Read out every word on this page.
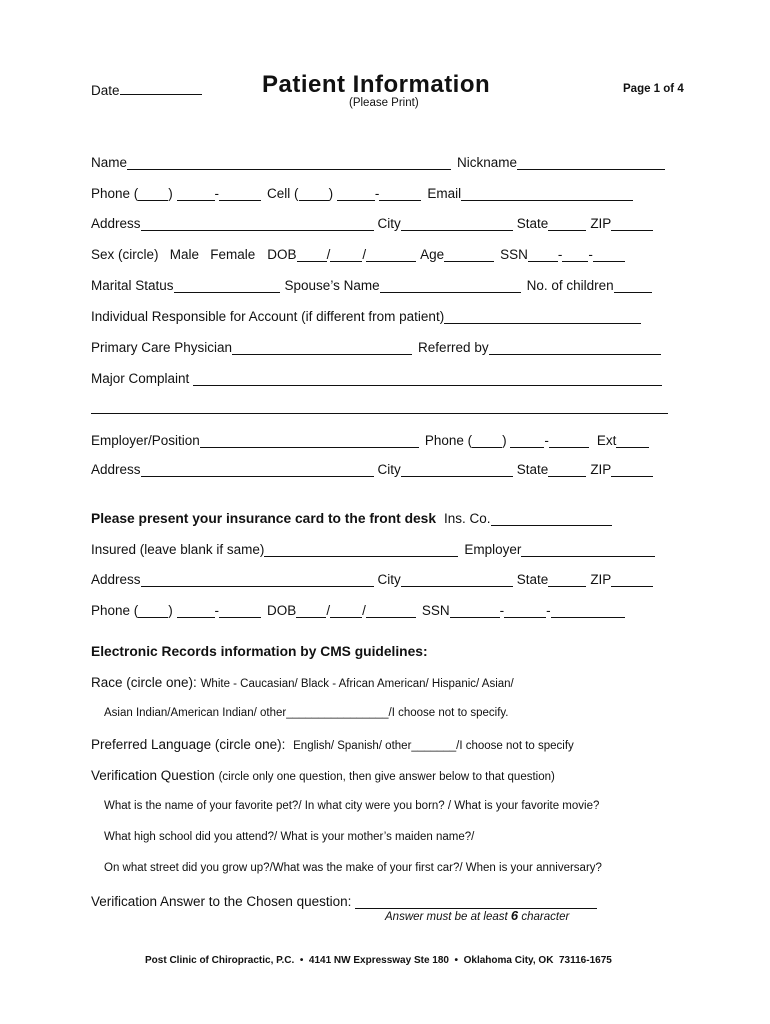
Date	Patient Information
(Please Print)
Page 1 of 4
Name	Nickname
Phone ( )	-	Cell ( )	-	Email
Address	City	State	ZIP
Sex (circle)   Male   Female DOB / /	Age	SSN - -
Marital Status	Spouse’s Name	No. of children
Individual Responsible for Account (if different from patient)
Primary Care Physician	Referred by
Major Complaint
Employer/Position	Phone ( )	-	Ext
Address	City	State	ZIP
Please present your insurance card to the front desk Ins. Co.
Insured (leave blank if same)	Employer
Address	City	State	ZIP
Phone ( )	-	DOB / /	SSN	-	-
Electronic Records information by CMS guidelines:
Race (circle one): White - Caucasian/ Black - African American/ Hispanic/ Asian/
Asian Indian/American Indian/ other________________/I choose not to specify.
Preferred Language (circle one): English/ Spanish/ other_______/I choose not to specify
Verification Question (circle only one question, then give answer below to that question)
What is the name of your favorite pet?/ In what city were you born? / What is your favorite movie?
What high school did you attend?/ What is your mother’s maiden name?/
On what street did you grow up?/What was the make of your first car?/ When is your anniversary?
Verification Answer to the Chosen question:
Answer must be at least 6 character
Post Clinic of Chiropractic, P.C.  •  4141 NW Expressway Ste 180  •  Oklahoma City, OK  73116-1675
